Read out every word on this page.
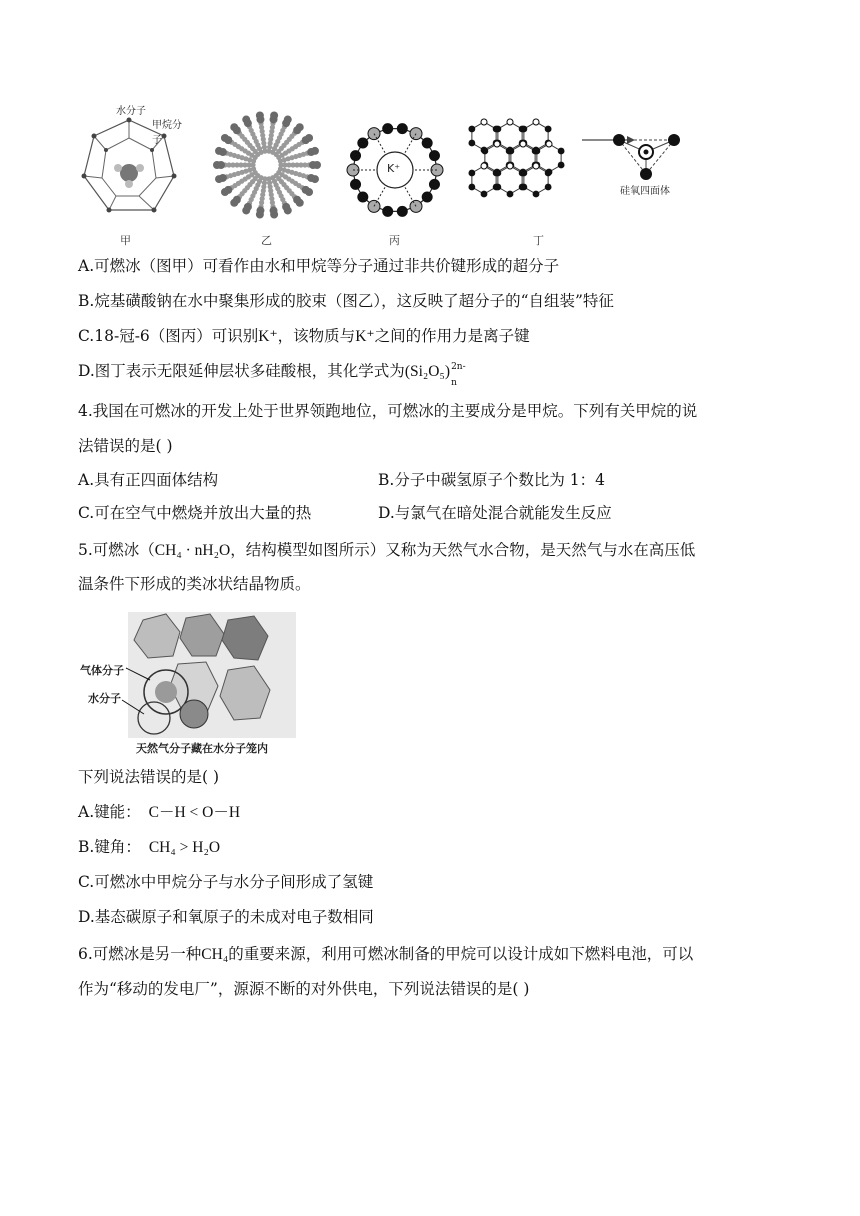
水分子
甲烷分子
K⁺
硅氧四面体
甲	乙	丙	丁
A.可燃冰（图甲）可看作由水和甲烷等分子通过非共价键形成的超分子
B.烷基磺酸钠在水中聚集形成的胶束（图乙），这反映了超分子的“自组装”特征
C.18-冠-6（图丙）可识别K⁺，该物质与K⁺之间的作用力是离子键
D.图丁表示无限延伸层状多硅酸根，其化学式为(Si₂O₅) 2n-
n
4.我国在可燃冰的开发上处于世界领跑地位，可燃冰的主要成分是甲烷。下列有关甲烷的说
法错误的是( )
A.具有正四面体结构	B.分子中碳氢原子个数比为 1：4
C.可在空气中燃烧并放出大量的热	D.与氯气在暗处混合就能发生反应
5.可燃冰（CH₄ · nH₂O，结构模型如图所示）又称为天然气水合物，是天然气与水在高压低
温条件下形成的类冰状结晶物质。
气体分子
水分子
天然气分子藏在水分子笼内
下列说法错误的是( )
A.键能： C－H < O－H
B.键角： CH₄ > H₂O
C.可燃冰中甲烷分子与水分子间形成了氢键
D.基态碳原子和氧原子的未成对电子数相同
6.可燃冰是另一种CH₄的重要来源，利用可燃冰制备的甲烷可以设计成如下燃料电池，可以
作为“移动的发电厂”，源源不断的对外供电，下列说法错误的是( )
